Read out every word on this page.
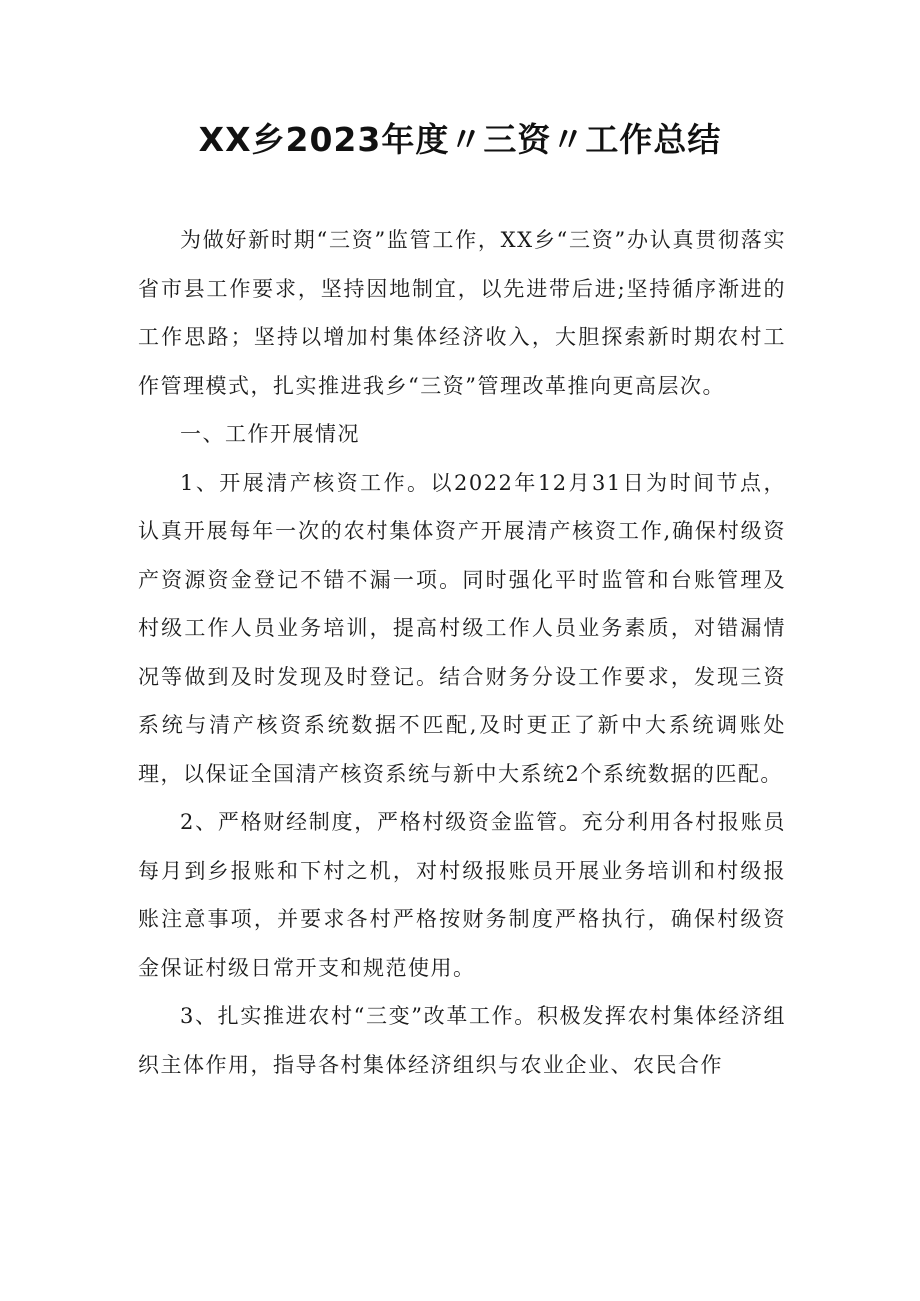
XX乡2023年度〃三资〃工作总结

为做好新时期“三资”监管工作，XX乡“三资”办认真贯彻落实省市县工作要求，坚持因地制宜，以先进带后进;坚持循序渐进的工作思路；坚持以增加村集体经济收入，大胆探索新时期农村工作管理模式，扎实推进我乡“三资”管理改革推向更高层次。

一、工作开展情况

1、开展清产核资工作。以2022年12月31日为时间节点，认真开展每年一次的农村集体资产开展清产核资工作,确保村级资产资源资金登记不错不漏一项。同时强化平时监管和台账管理及村级工作人员业务培训，提高村级工作人员业务素质，对错漏情况等做到及时发现及时登记。结合财务分设工作要求，发现三资系统与清产核资系统数据不匹配,及时更正了新中大系统调账处理，以保证全国清产核资系统与新中大系统2个系统数据的匹配。

2、严格财经制度，严格村级资金监管。充分利用各村报账员每月到乡报账和下村之机，对村级报账员开展业务培训和村级报账注意事项，并要求各村严格按财务制度严格执行，确保村级资金保证村级日常开支和规范使用。

3、扎实推进农村“三变”改革工作。积极发挥农村集体经济组织主体作用，指导各村集体经济组织与农业企业、农民合作
